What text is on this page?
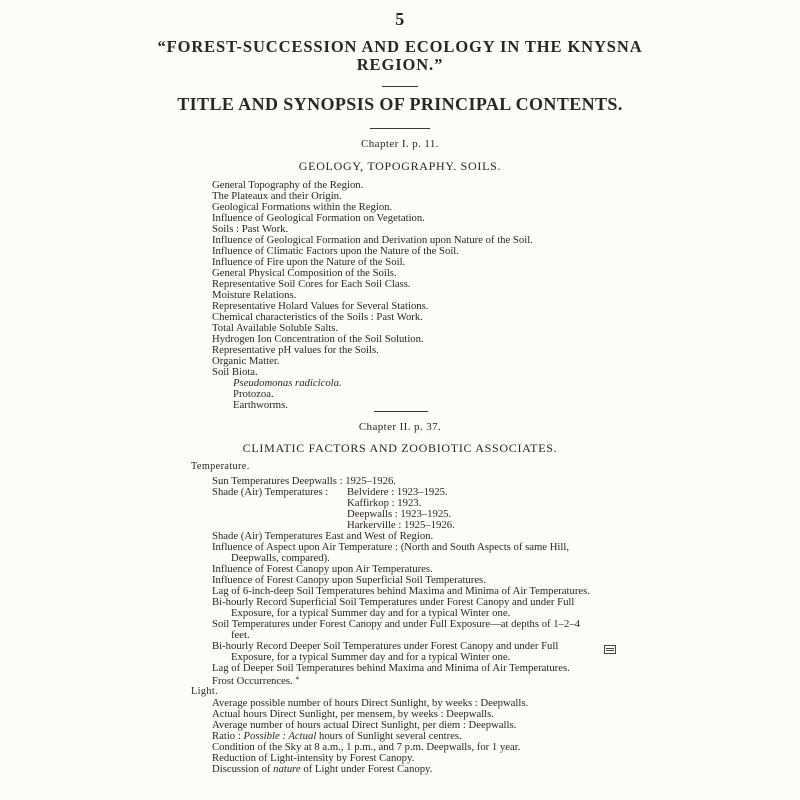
5
“FOREST-SUCCESSION AND ECOLOGY IN THE KNYSNA
REGION.”
TITLE AND SYNOPSIS OF PRINCIPAL CONTENTS.
Chapter I. p. 11.
GEOLOGY, TOPOGRAPHY. SOILS.
General Topography of the Region.
The Plateaux and their Origin.
Geological Formations within the Region.
Influence of Geological Formation on Vegetation.
Soils : Past Work.
Influence of Geological Formation and Derivation upon Nature of the Soil.
Influence of Climatic Factors upon the Nature of the Soil.
Influence of Fire upon the Nature of the Soil.
General Physical Composition of the Soils.
Representative Soil Cores for Each Soil Class.
Moisture Relations.
Representative Holard Values for Several Stations.
Chemical characteristics of the Soils : Past Work.
Total Available Soluble Salts.
Hydrogen Ion Concentration of the Soil Solution.
Representative pH values for the Soils.
Organic Matter.
Soil Biota.
Pseudomonas radicicola.
Protozoa.
Earthworms.
Chapter II. p. 37.
CLIMATIC FACTORS AND ZOOBIOTIC ASSOCIATES.
Temperature.
Sun Temperatures Deepwalls : 1925–1926.
Shade (Air) Temperatures : Belvidere : 1923–1925.
Kaffirkop : 1923.
Deepwalls : 1923–1925.
Harkerville : 1925–1926.
Shade (Air) Temperatures East and West of Region.
Influence of Aspect upon Air Temperature : (North and South Aspects of same Hill,
Deepwalls, compared).
Influence of Forest Canopy upon Air Temperatures.
Influence of Forest Canopy upon Superficial Soil Temperatures.
Lag of 6-inch-deep Soil Temperatures behind Maxima and Minima of Air Temperatures.
Bi-hourly Record Superficial Soil Temperatures under Forest Canopy and under Full
Exposure, for a typical Summer day and for a typical Winter one.
Soil Temperatures under Forest Canopy and under Full Exposure—at depths of 1–2–4
feet.
Bi-hourly Record Deeper Soil Temperatures under Forest Canopy and under Full
Exposure, for a typical Summer day and for a typical Winter one.
Lag of Deeper Soil Temperatures behind Maxima and Minima of Air Temperatures.
Frost Occurrences. *
Light.
Average possible number of hours Direct Sunlight, by weeks : Deepwalls.
Actual hours Direct Sunlight, per mensem, by weeks : Deepwalls.
Average number of hours actual Direct Sunlight, per diem : Deepwalls.
Ratio : Possible : Actual hours of Sunlight several centres.
Condition of the Sky at 8 a.m., 1 p.m., and 7 p.m. Deepwalls, for 1 year.
Reduction of Light-intensity by Forest Canopy.
Discussion of nature of Light under Forest Canopy.
